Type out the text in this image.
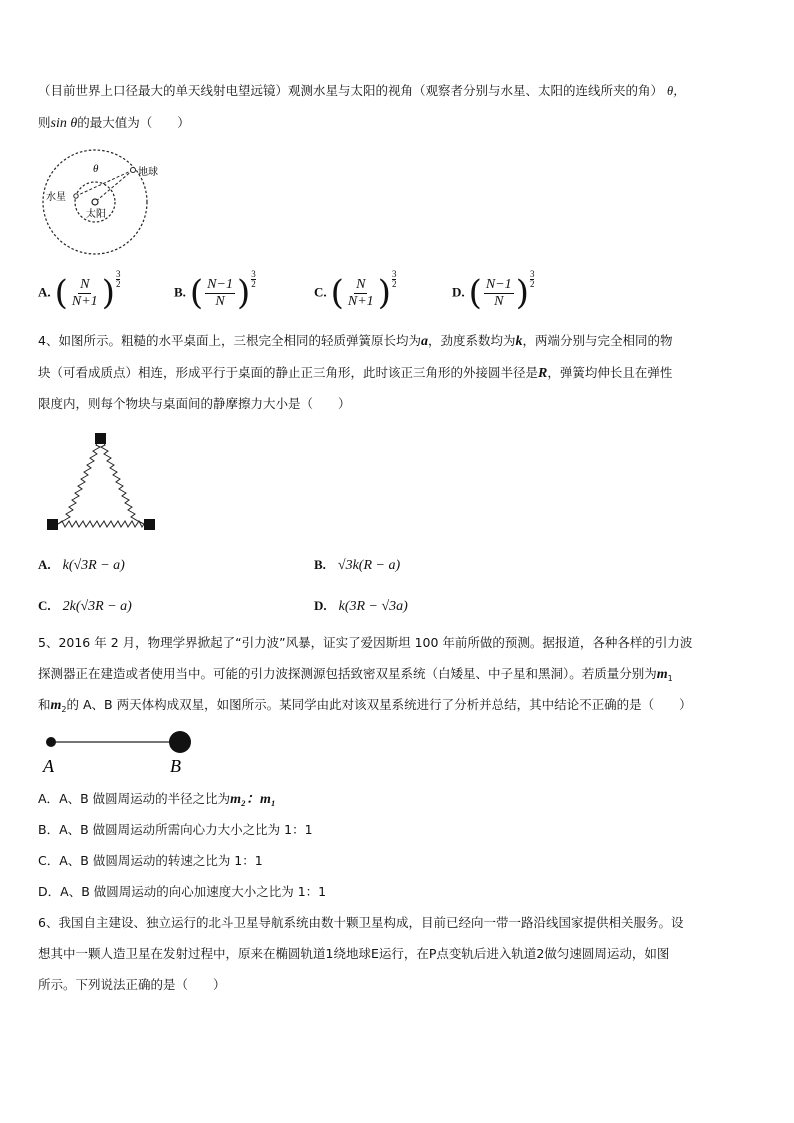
（目前世界上口径最大的单天线射电望远镜）观测水星与太阳的视角（观察者分别与水星、太阳的连线所夹的角） θ，
则sin θ的最大值为（　　）
θ	地球
水星
太阳
A. ( $\frac{N}{N+1}$ ) 3
2
B. ( $\frac{N-1}{N}$ ) 3
2
C. ( $\frac{N}{N+1}$ ) 3
2
D. ( $\frac{N-1}{N}$ ) 3
2
4、如图所示。粗糙的水平桌面上，三根完全相同的轻质弹簧原长均为a，劲度系数均为k，两端分别与完全相同的物
块（可看成质点）相连，形成平行于桌面的静止正三角形，此时该正三角形的外接圆半径是R，弹簧均伸长且在弹性
限度内，则每个物块与桌面间的静摩擦力大小是（　　）
A. k(√3R − a)	B. √3k(R − a)
C. 2k(√3R − a)	D. k(3R − √3a)
5、2016 年 2 月，物理学界掀起了“引力波”风暴，证实了爱因斯坦 100 年前所做的预测。据报道，各种各样的引力波
探测器正在建造或者使用当中。可能的引力波探测源包括致密双星系统（白矮星、中子星和黑洞）。若质量分别为$m_1$
和$m_2$的 A、B 两天体构成双星，如图所示。某同学由此对该双星系统进行了分析并总结，其中结论不正确的是（　　）
A	B
A．A、B 做圆周运动的半径之比为m₂：m₁
B．A、B 做圆周运动所需向心力大小之比为 1：1
C．A、B 做圆周运动的转速之比为 1：1
D．A、B 做圆周运动的向心加速度大小之比为 1：1
6、我国自主建设、独立运行的北斗卫星导航系统由数十颗卫星构成，目前已经向一带一路沿线国家提供相关服务。设
想其中一颗人造卫星在发射过程中，原来在椭圆轨道1绕地球E运行，在P点变轨后进入轨道2做匀速圆周运动，如图
所示。下列说法正确的是（　　）
